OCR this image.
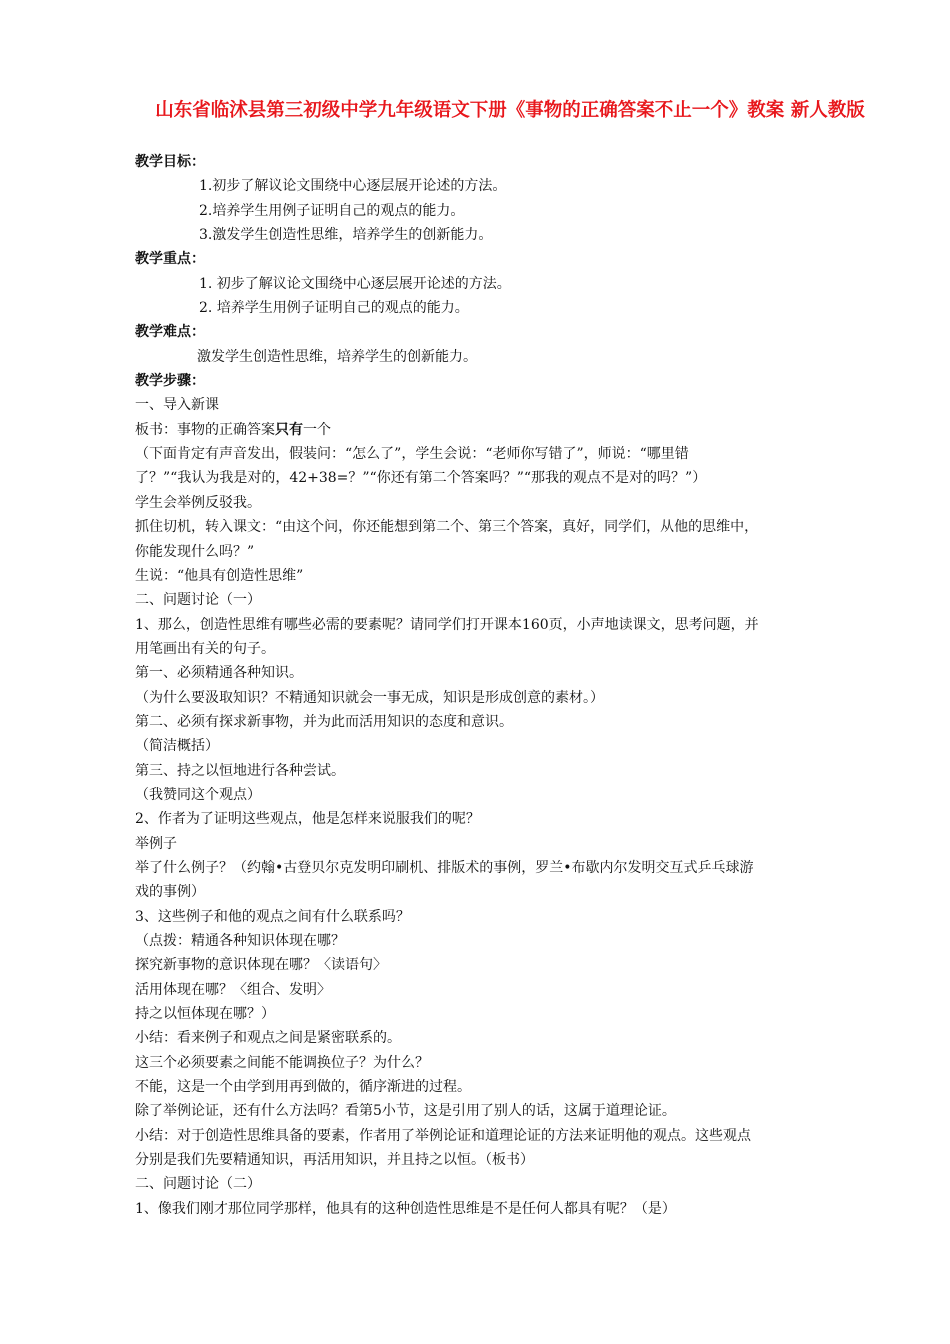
山东省临沭县第三初级中学九年级语文下册《事物的正确答案不止一个》教案 新人教版
教学目标：
1.初步了解议论文围绕中心逐层展开论述的方法。
2.培养学生用例子证明自己的观点的能力。
3.激发学生创造性思维，培养学生的创新能力。
教学重点：
1. 初步了解议论文围绕中心逐层展开论述的方法。
2. 培养学生用例子证明自己的观点的能力。
教学难点：
激发学生创造性思维，培养学生的创新能力。
教学步骤：
一、导入新课
板书：事物的正确答案只有一个
（下面肯定有声音发出，假装问：“怎么了”，学生会说：“老师你写错了”，师说：“哪里错
了？”“我认为我是对的，42+38=？”“你还有第二个答案吗？”“那我的观点不是对的吗？”）
学生会举例反驳我。
抓住切机，转入课文：“由这个问，你还能想到第二个、第三个答案，真好，同学们，从他的思维中，
你能发现什么吗？”
生说：“他具有创造性思维”
二、问题讨论（一）
1、那么，创造性思维有哪些必需的要素呢？请同学们打开课本160页，小声地读课文，思考问题，并
用笔画出有关的句子。
第一、必须精通各种知识。
（为什么要汲取知识？不精通知识就会一事无成，知识是形成创意的素材。）
第二、必须有探求新事物，并为此而活用知识的态度和意识。
（简洁概括）
第三、持之以恒地进行各种尝试。
（我赞同这个观点）
2、作者为了证明这些观点，他是怎样来说服我们的呢？
举例子
举了什么例子？（约翰•古登贝尔克发明印刷机、排版术的事例，罗兰•布歇内尔发明交互式乒乓球游
戏的事例）
3、这些例子和他的观点之间有什么联系吗？
（点拨：精通各种知识体现在哪？
探究新事物的意识体现在哪？〈读语句〉
活用体现在哪？〈组合、发明〉
持之以恒体现在哪？）
小结：看来例子和观点之间是紧密联系的。
这三个必须要素之间能不能调换位子？为什么？
不能，这是一个由学到用再到做的，循序渐进的过程。
除了举例论证，还有什么方法吗？看第5小节，这是引用了别人的话，这属于道理论证。
小结：对于创造性思维具备的要素，作者用了举例论证和道理论证的方法来证明他的观点。这些观点
分别是我们先要精通知识，再活用知识，并且持之以恒。（板书）
二、问题讨论（二）
1、像我们刚才那位同学那样，他具有的这种创造性思维是不是任何人都具有呢？（是）
